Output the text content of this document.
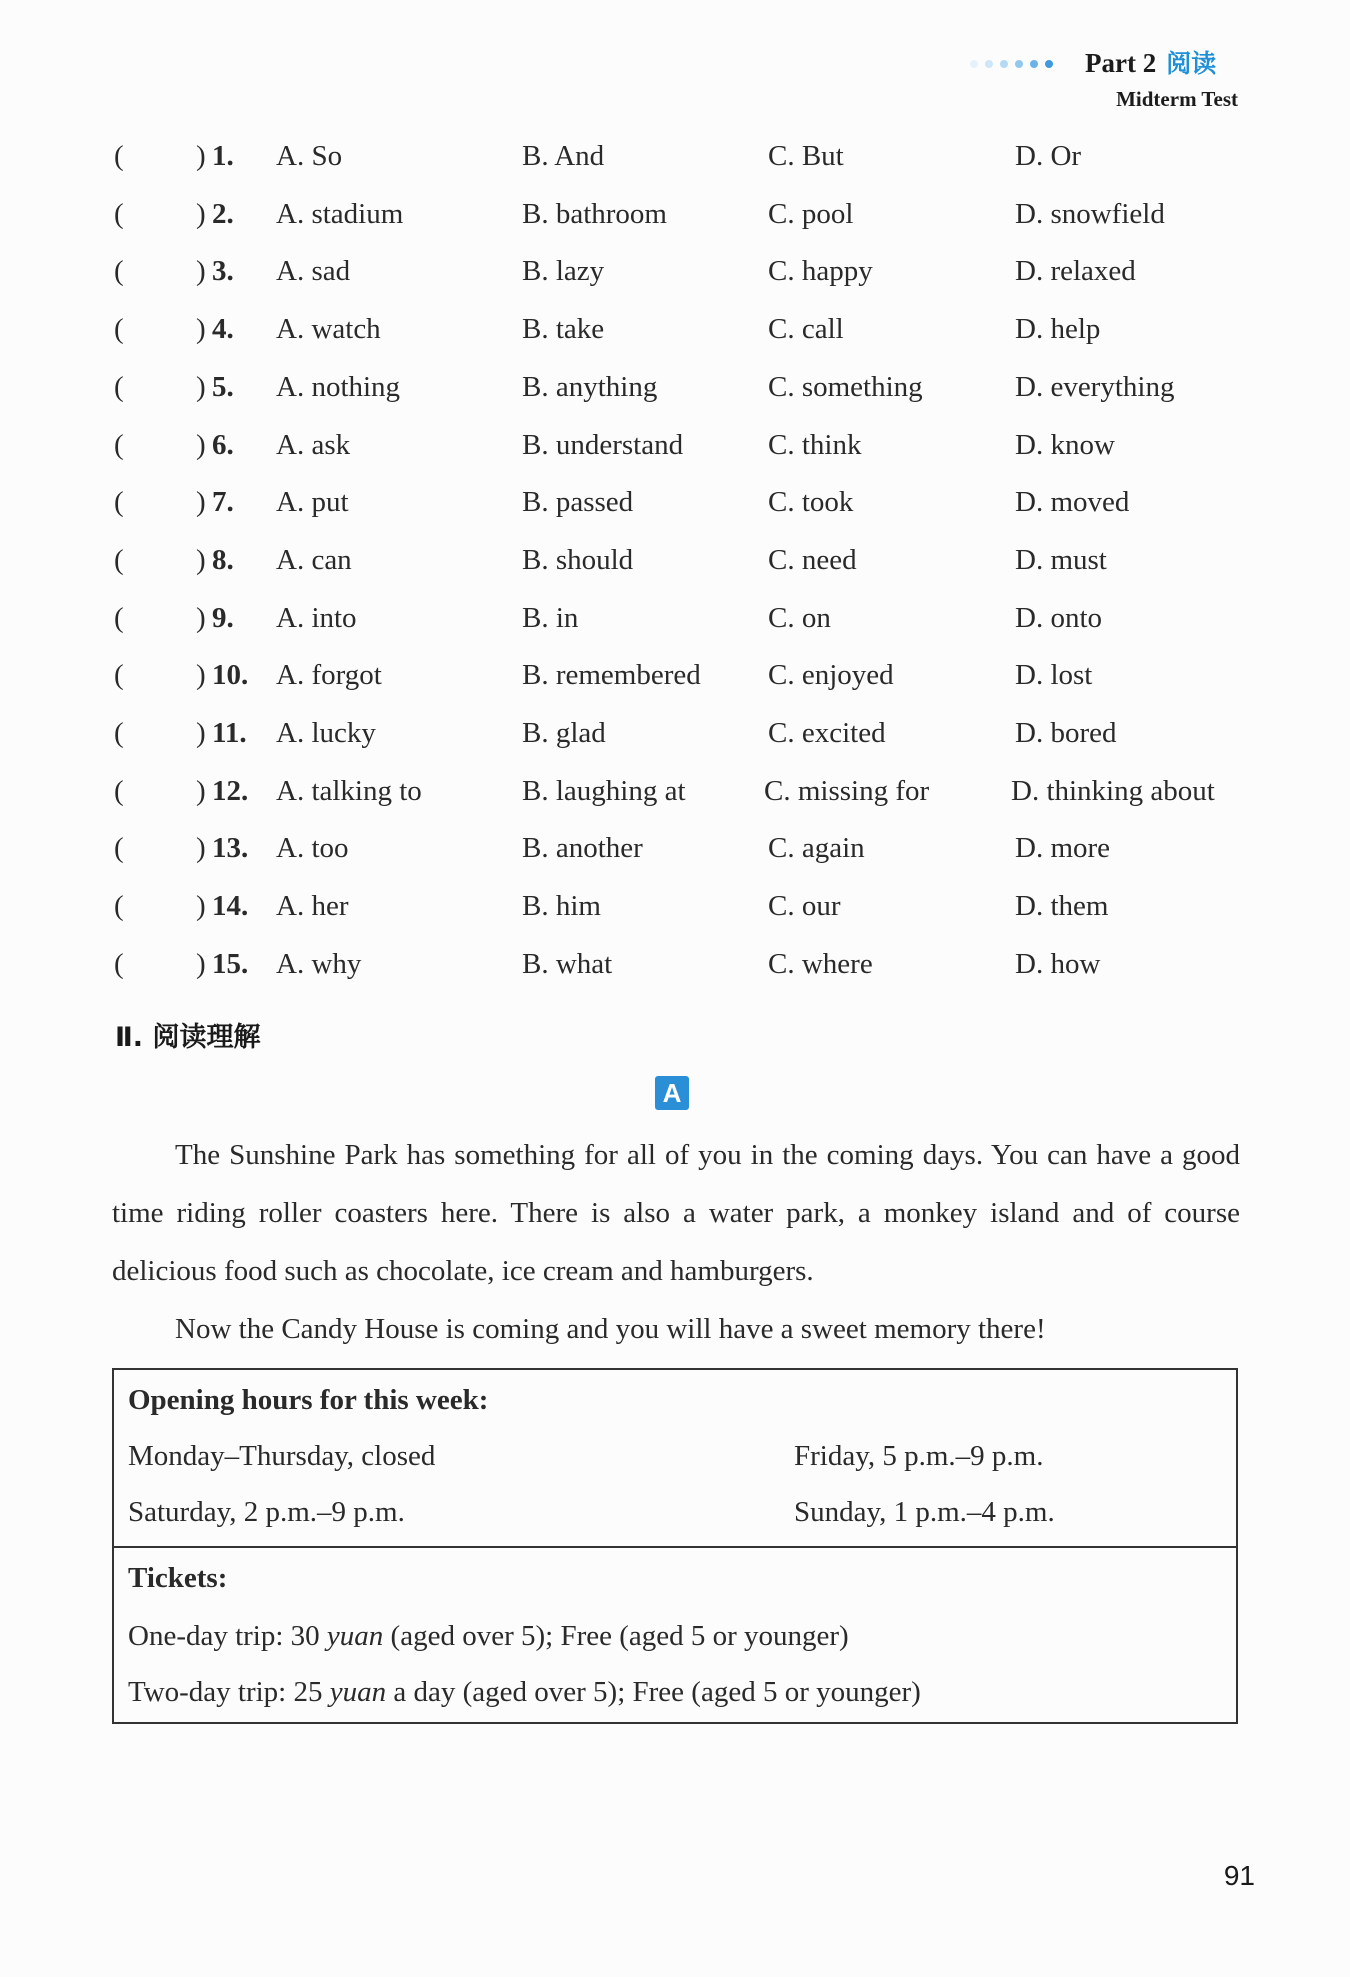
Part 2 阅读
Midterm Test
( ) 1. A. So	B. And	C. But	D. Or
( ) 2. A. stadium	B. bathroom	C. pool	D. snowfield
( ) 3. A. sad	B. lazy	C. happy	D. relaxed
( ) 4. A. watch	B. take	C. call	D. help
( ) 5. A. nothing	B. anything	C. something	D. everything
( ) 6. A. ask	B. understand	C. think	D. know
( ) 7. A. put	B. passed	C. took	D. moved
( ) 8. A. can	B. should	C. need	D. must
( ) 9. A. into	B. in	C. on	D. onto
( ) 10. A. forgot	B. remembered C. enjoyed	D. lost
( ) 11. A. lucky	B. glad	C. excited	D. bored
( ) 12. A. talking to	B. laughing at	C. missing for	D. thinking about
( ) 13. A. too	B. another	C. again	D. more
( ) 14. A. her	B. him	C. our	D. them
( ) 15. A. why	B. what	C. where	D. how
Ⅱ. 阅读理解
A

The Sunshine Park has something for all of you in the coming days. You can have a good time riding roller coasters here. There is also a water park, a monkey island and of course delicious food such as chocolate, ice cream and hamburgers.

Now the Candy House is coming and you will have a sweet memory there!

Opening hours for this week:
Monday–Thursday, closed	Friday, 5 p.m.–9 p.m.
Saturday, 2 p.m.–9 p.m.	Sunday, 1 p.m.–4 p.m.
Tickets:
One-day trip: 30 yuan (aged over 5); Free (aged 5 or younger)
Two-day trip: 25 yuan a day (aged over 5); Free (aged 5 or younger)
91
